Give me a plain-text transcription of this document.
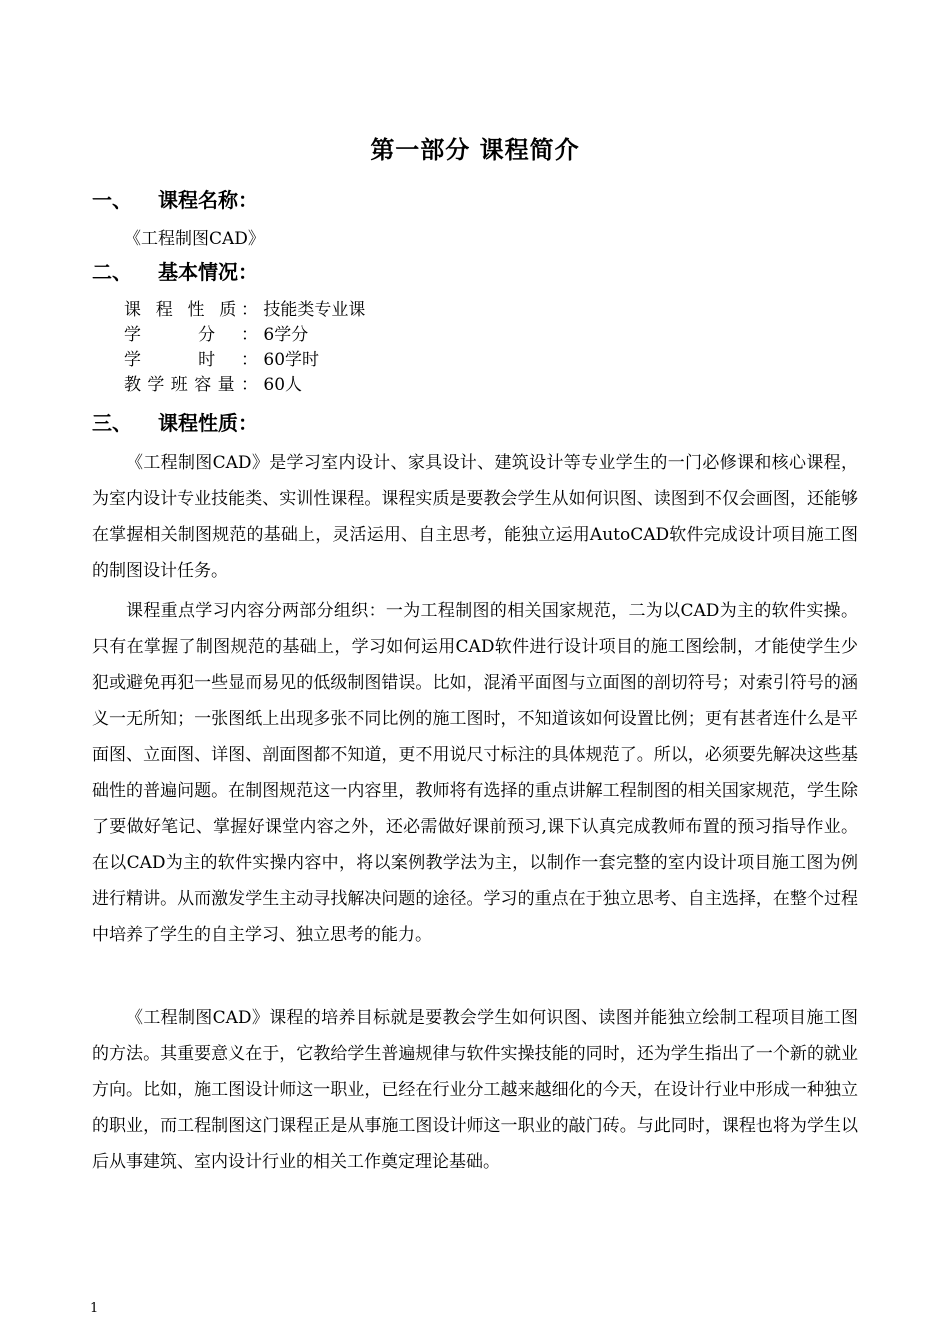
第一部分 课程简介
一、 课程名称：
《工程制图CAD》
二、 基本情况：
课 程 性 质： 技能类专业课
学 分： 6学分
学 时： 60学时
教学班容量： 60人
三、 课程性质：

《工程制图CAD》是学习室内设计、家具设计、建筑设计等专业学生的一门必修课和核心课程，为室内设计专业技能类、实训性课程。课程实质是要教会学生从如何识图、读图到不仅会画图，还能够在掌握相关制图规范的基础上，灵活运用、自主思考，能独立运用AutoCAD软件完成设计项目施工图的制图设计任务。

课程重点学习内容分两部分组织：一为工程制图的相关国家规范，二为以CAD为主的软件实操。只有在掌握了制图规范的基础上，学习如何运用CAD软件进行设计项目的施工图绘制，才能使学生少犯或避免再犯一些显而易见的低级制图错误。比如，混淆平面图与立面图的剖切符号；对索引符号的涵义一无所知；一张图纸上出现多张不同比例的施工图时，不知道该如何设置比例；更有甚者连什么是平面图、立面图、详图、剖面图都不知道，更不用说尺寸标注的具体规范了。所以，必须要先解决这些基础性的普遍问题。在制图规范这一内容里，教师将有选择的重点讲解工程制图的相关国家规范，学生除了要做好笔记、掌握好课堂内容之外，还必需做好课前预习,课下认真完成教师布置的预习指导作业。在以CAD为主的软件实操内容中，将以案例教学法为主，以制作一套完整的室内设计项目施工图为例进行精讲。从而激发学生主动寻找解决问题的途径。学习的重点在于独立思考、自主选择，在整个过程中培养了学生的自主学习、独立思考的能力。

《工程制图CAD》课程的培养目标就是要教会学生如何识图、读图并能独立绘制工程项目施工图的方法。其重要意义在于，它教给学生普遍规律与软件实操技能的同时，还为学生指出了一个新的就业方向。比如，施工图设计师这一职业，已经在行业分工越来越细化的今天，在设计行业中形成一种独立的职业，而工程制图这门课程正是从事施工图设计师这一职业的敲门砖。与此同时，课程也将为学生以后从事建筑、室内设计行业的相关工作奠定理论基础。

1
